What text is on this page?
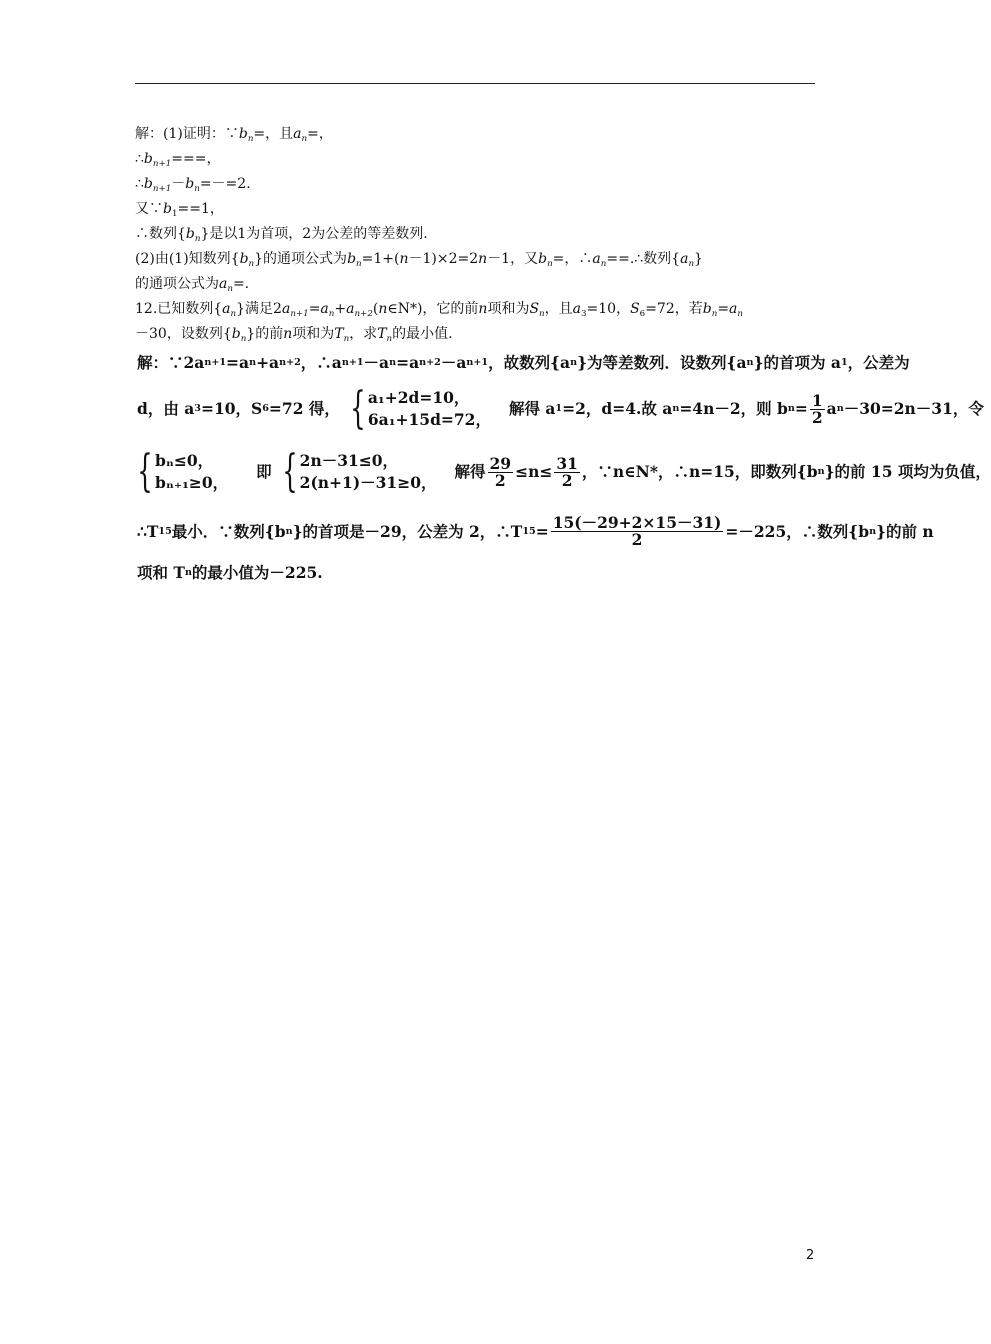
解：(1)证明：$\because b_n=$，且$a_n=$，
$\therefore b_{n+1}===$，
$\therefore b_{n+1}-b_n=-=2$.
又$\because b_1==1$，
∴数列$\{b_n\}$是以1为首项，2为公差的等差数列.
(2)由(1)知数列$\{b_n\}$的通项公式为$b_n=1+(n-1)\times 2=2n-1$，又$b_n=$，$\therefore a_n==.\therefore$数列$\{a_n\}$
的通项公式为$a_n=$.
12.已知数列$\{a_n\}$满足$2a_{n+1}=a_n+a_{n+2}(n\in N*)$，它的前n项和为$S_n$，且$a_3=10$，$S_6=72$，若$b_n=a_n$
－30，设数列$\{b_n\}$的前n项和为$T_n$，求$T_n$的最小值.
解：∵2a n+1 =a n +a n+2 ，∴a n+1 －a n =a n+2 －a n+1 ，故数列{a n }为等差数列．设数列{a n }的首项为 a 1 ，公差为
d，由 a 3 =10，S 6 =72 得， { a₁+2d=10，
6a₁+15d=72，
解得 a 1 =2，d=4.故 a n =4n－2，则 b $n = \frac{1}{2}$ a n －30=2n－31，令
{ bₙ≤0，
bₙ₊₁≥0，
即 { 2n－31≤0，
2(n+1)－31≥0，
解得 $\frac{29}{2} \le n\le \frac{31}{2}$ ，∵n∈N*，∴n=15，即数列{b n }的前 15 项均为负值，
∴T 15 最小．∵数列{b n }的首项是－29，公差为 2，∴T $15 = \frac{15(-29+2\times 15-31)}{2} =-225$，∴数列{b n }的前 n
项和 T n 的最小值为－225.
2
